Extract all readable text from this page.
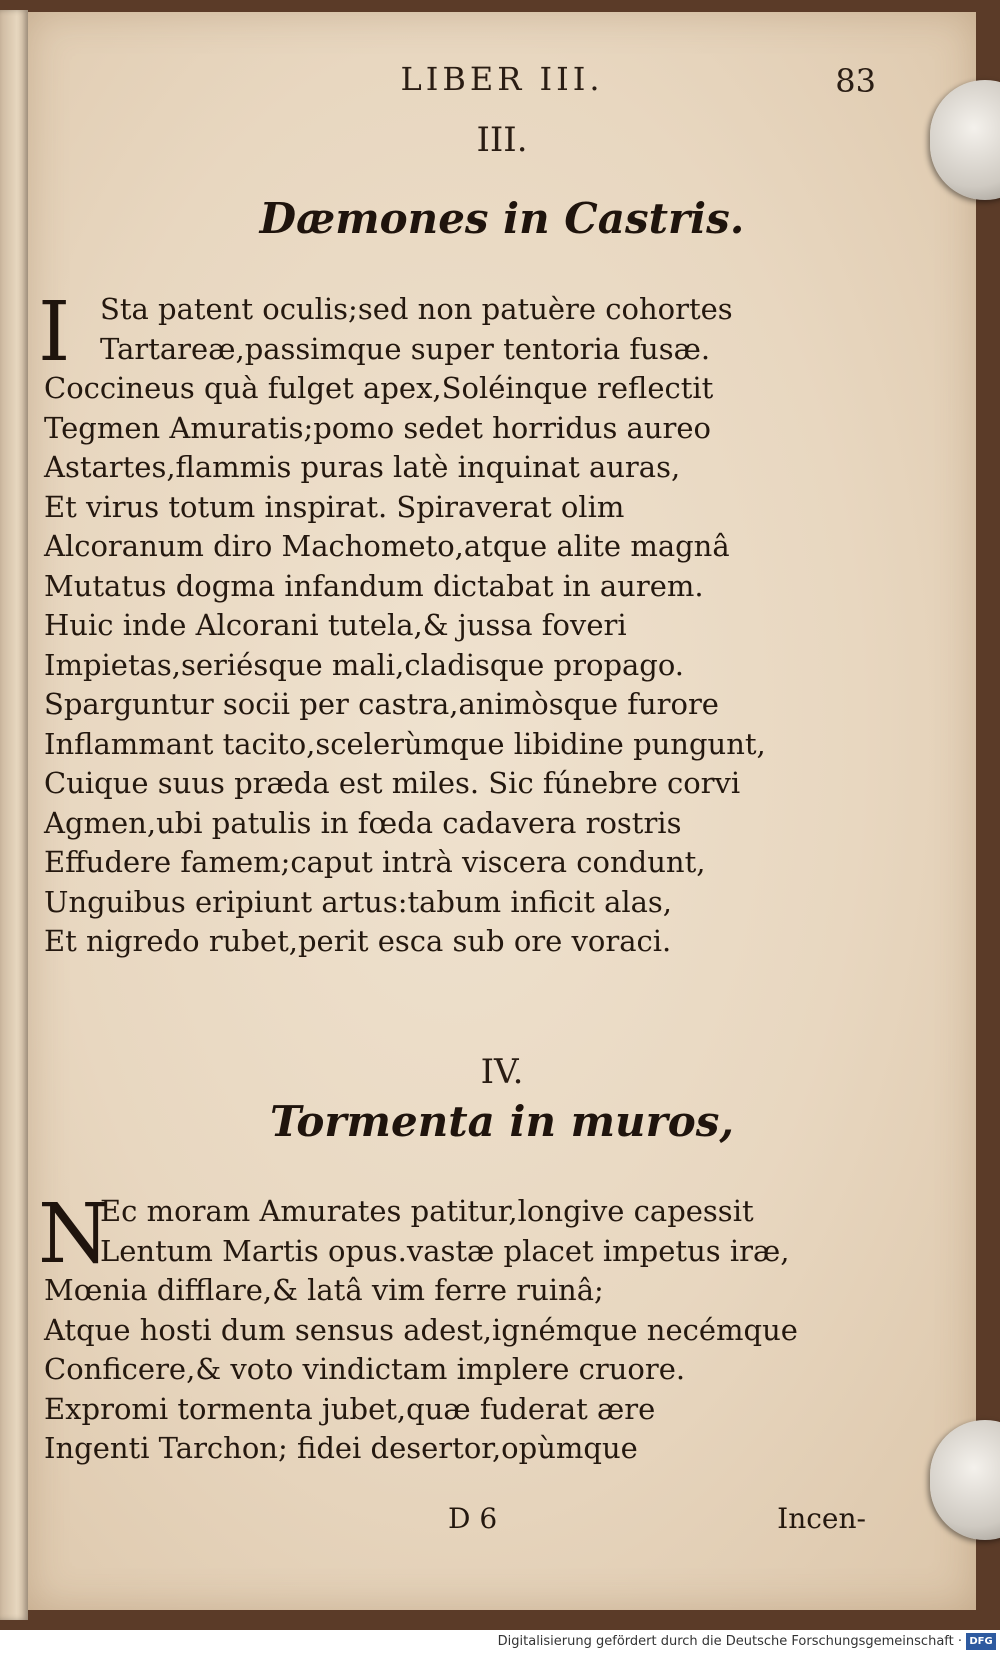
LIBER III.	83
III.
Dæmones in Castris.
Sta patent oculis;sed non patuère cohortes
Tartareæ,passimque super tentoria fusæ.
Coccineus quà fulget apex,Soléinque reflectit
Tegmen Amuratis;pomo sedet horridus aureo
Astartes,flammis puras latè inquinat auras,
Et virus totum inspirat. Spiraverat olim
Alcoranum diro Machometo,atque alite magnâ
Mutatus dogma infandum dictabat in aurem.
Huic inde Alcorani tutela,& jussa foveri
Impietas,seriésque mali,cladisque propago.
Sparguntur socii per castra,animòsque furore
Inflammant tacito,scelerùmque libidine pungunt,
Cuique suus præda est miles. Sic fúnebre corvi
Agmen,ubi patulis in fœda cadavera rostris
Effudere famem;caput intrà viscera condunt,
Unguibus eripiunt artus:tabum inficit alas,
Et nigredo rubet,perit esca sub ore voraci.
I
IV.
Tormenta in muros,
Ec moram Amurates patitur,longive capessit
Lentum Martis opus.vastæ placet impetus iræ,
Mœnia difflare,& latâ vim ferre ruinâ;
Atque hosti dum sensus adest,ignémque necémque
Conficere,& voto vindictam implere cruore.
Expromi tormenta jubet,quæ fuderat ære
Ingenti Tarchon; fidei desertor,opùmque
N
D 6	Incen-
Digitalisierung gefördert durch die Deutsche Forschungsgemeinschaft · DFG
